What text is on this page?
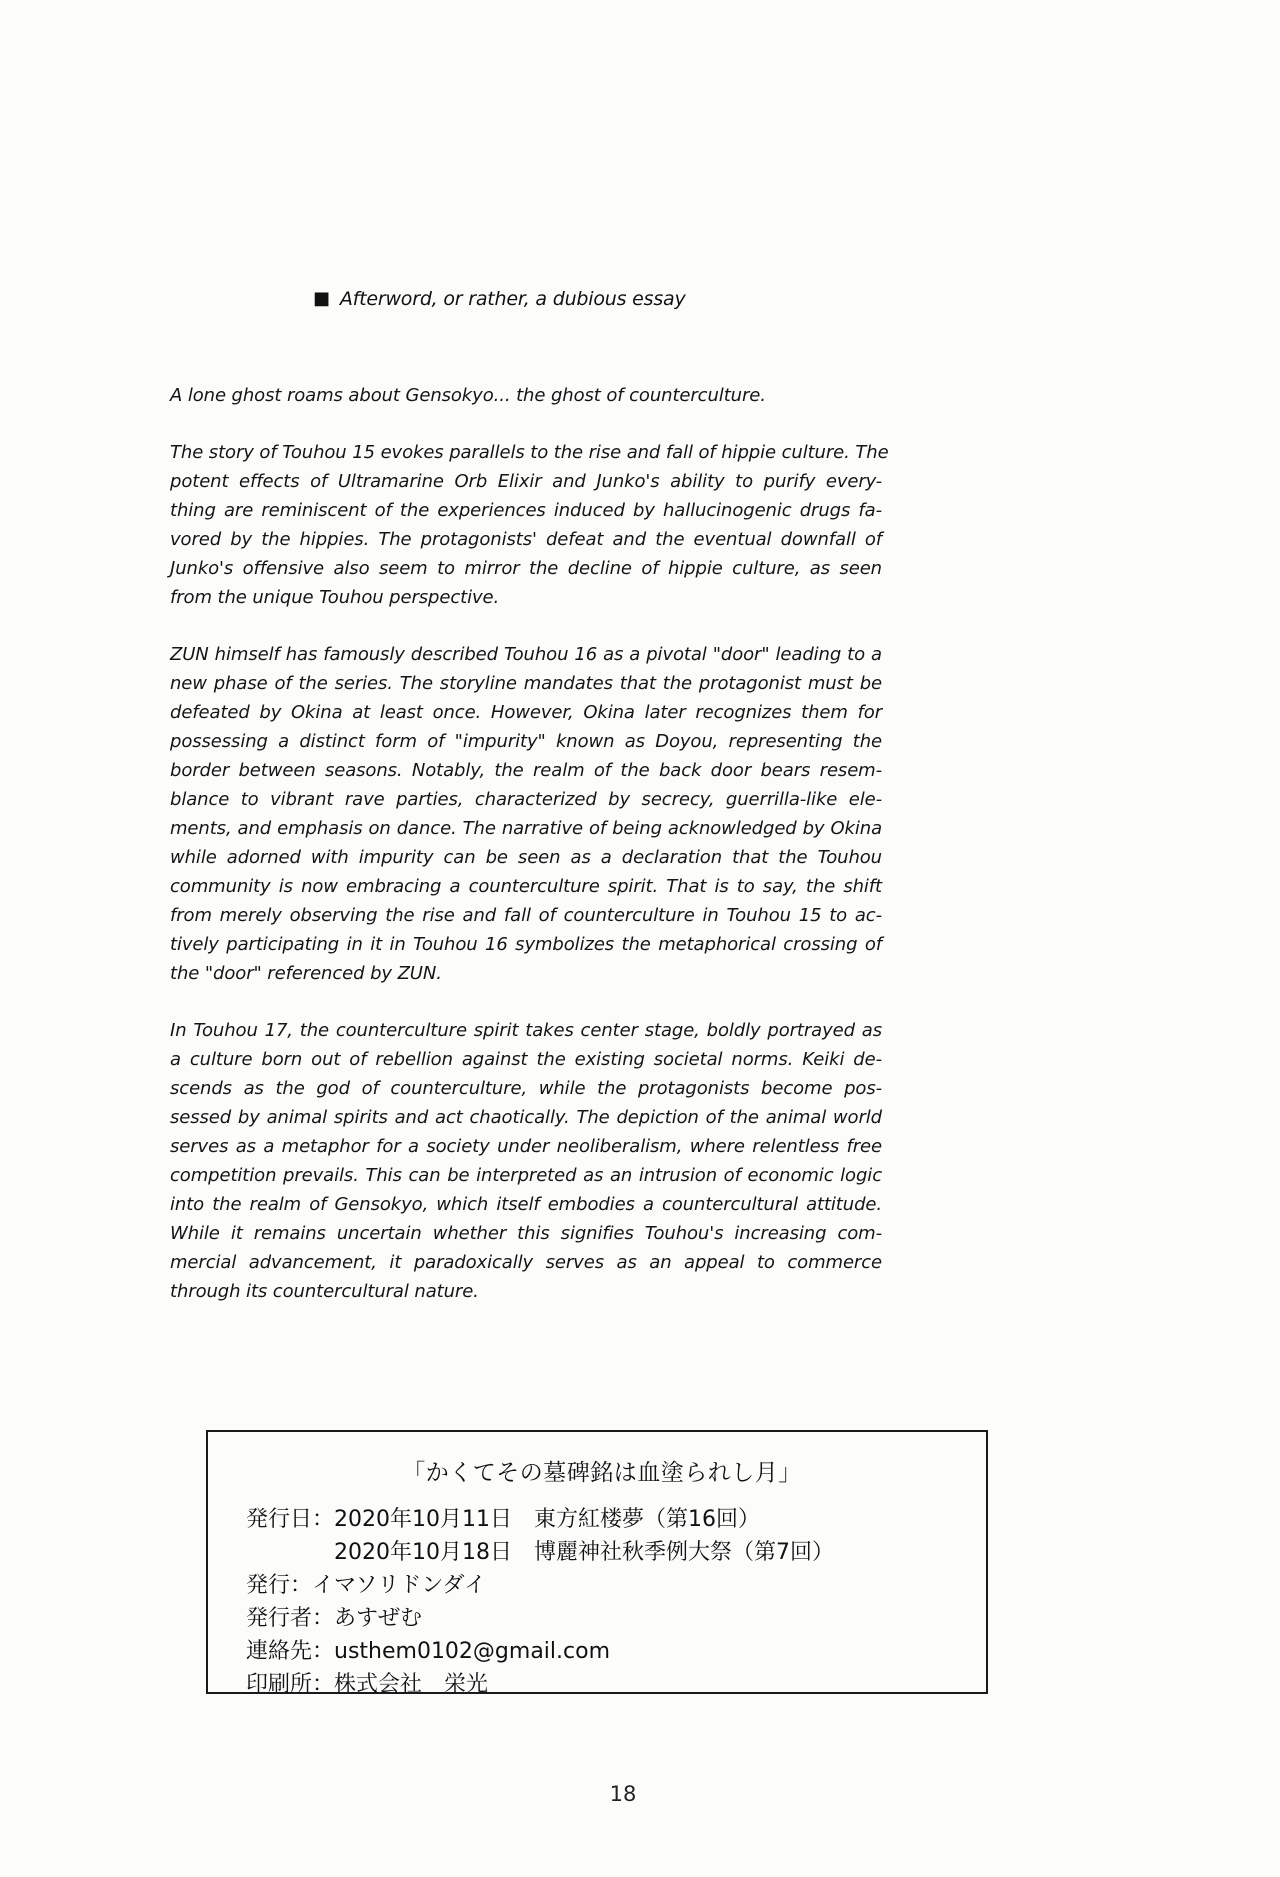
■ Afterword, or rather, a dubious essay
A lone ghost roams about Gensokyo... the ghost of counterculture.
The story of Touhou 15 evokes parallels to the rise and fall of hippie culture. The
potent effects of Ultramarine Orb Elixir and Junko's ability to purify every-
thing are reminiscent of the experiences induced by hallucinogenic drugs fa-
vored by the hippies. The protagonists' defeat and the eventual downfall of
Junko's offensive also seem to mirror the decline of hippie culture, as seen
from the unique Touhou perspective.
ZUN himself has famously described Touhou 16 as a pivotal "door" leading to a
new phase of the series. The storyline mandates that the protagonist must be
defeated by Okina at least once. However, Okina later recognizes them for
possessing a distinct form of "impurity" known as Doyou, representing the
border between seasons. Notably, the realm of the back door bears resem-
blance to vibrant rave parties, characterized by secrecy, guerrilla-like ele-
ments, and emphasis on dance. The narrative of being acknowledged by Okina
while adorned with impurity can be seen as a declaration that the Touhou
community is now embracing a counterculture spirit. That is to say, the shift
from merely observing the rise and fall of counterculture in Touhou 15 to ac-
tively participating in it in Touhou 16 symbolizes the metaphorical crossing of
the "door" referenced by ZUN.
In Touhou 17, the counterculture spirit takes center stage, boldly portrayed as
a culture born out of rebellion against the existing societal norms. Keiki de-
scends as the god of counterculture, while the protagonists become pos-
sessed by animal spirits and act chaotically. The depiction of the animal world
serves as a metaphor for a society under neoliberalism, where relentless free
competition prevails. This can be interpreted as an intrusion of economic logic
into the realm of Gensokyo, which itself embodies a countercultural attitude.
While it remains uncertain whether this signifies Touhou's increasing com-
mercial advancement, it paradoxically serves as an appeal to commerce
through its countercultural nature.
「かくてその墓碑銘は血塗られし月」
発行日：2020年10月11日　東方紅楼夢（第16回）
　　　　2020年10月18日　博麗神社秋季例大祭（第7回）
発行：イマソリドンダイ
発行者：あすぜむ
連絡先：usthem0102@gmail.com
印刷所：株式会社　栄光
18
